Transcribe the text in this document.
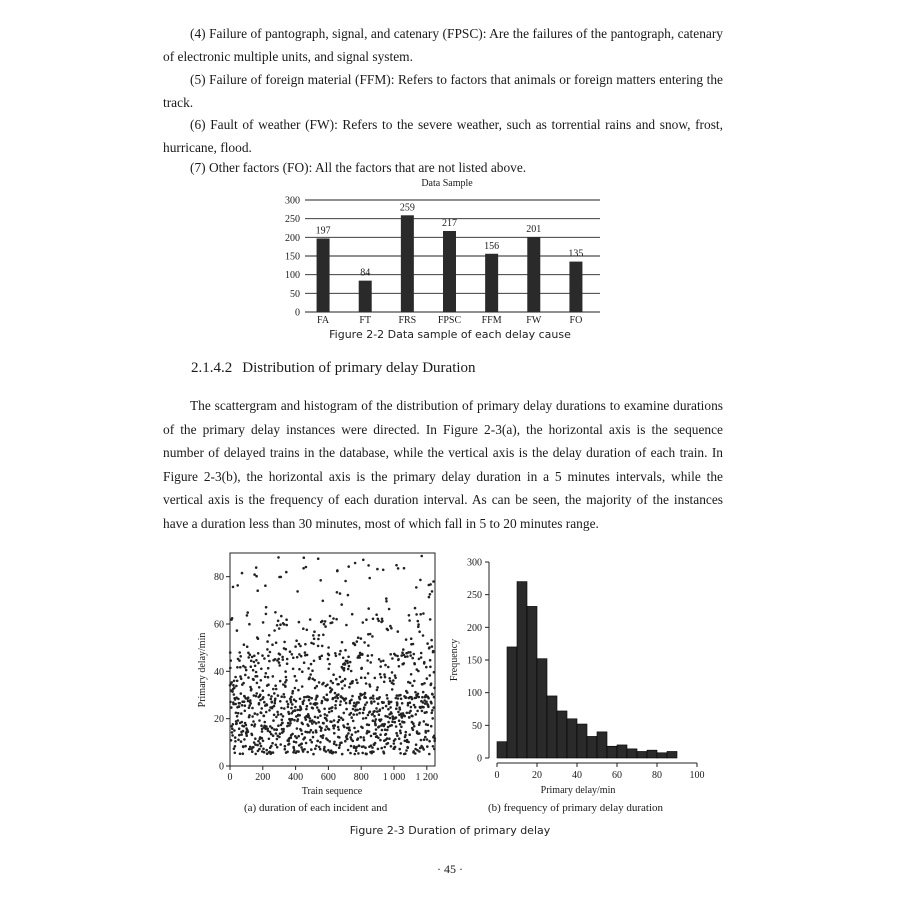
(4) Failure of pantograph, signal, and catenary (FPSC): Are the failures of the pantograph, catenary of electronic multiple units, and signal system.

(5) Failure of foreign material (FFM): Refers to factors that animals or foreign matters entering the track.

(6) Fault of weather (FW): Refers to the severe weather, such as torrential rains and snow, frost, hurricane, flood.

(7) Other factors (FO): All the factors that are not listed above.

Data Sample
0
50
100
150
200
250
300
197
FA
84
FT
259
FRS
217
FPSC
156
FFM
201
FW
135
FO
Figure 2-2 Data sample of each delay cause
2.1.4.2 Distribution of primary delay Duration

The scattergram and histogram of the distribution of primary delay durations to examine durations of the primary delay instances were directed. In Figure 2-3(a), the horizontal axis is the sequence number of delayed trains in the database, while the vertical axis is the delay duration of each train. In Figure 2-3(b), the horizontal axis is the primary delay duration in a 5 minutes intervals, while the vertical axis is the frequency of each duration interval. As can be seen, the majority of the instances have a duration less than 30 minutes, most of which fall in 5 to 20 minutes range.

0 200 400 600 800 1 000 1 200
0
20
40
60
80
Train sequence
Primary delay/min
0
50
100
150
200
250
300
0	20	40	60	80	100
Primary delay/min
Frequency
(a) duration of each incident and	(b) frequency of primary delay duration
Figure 2-3 Duration of primary delay
· 45 ·
